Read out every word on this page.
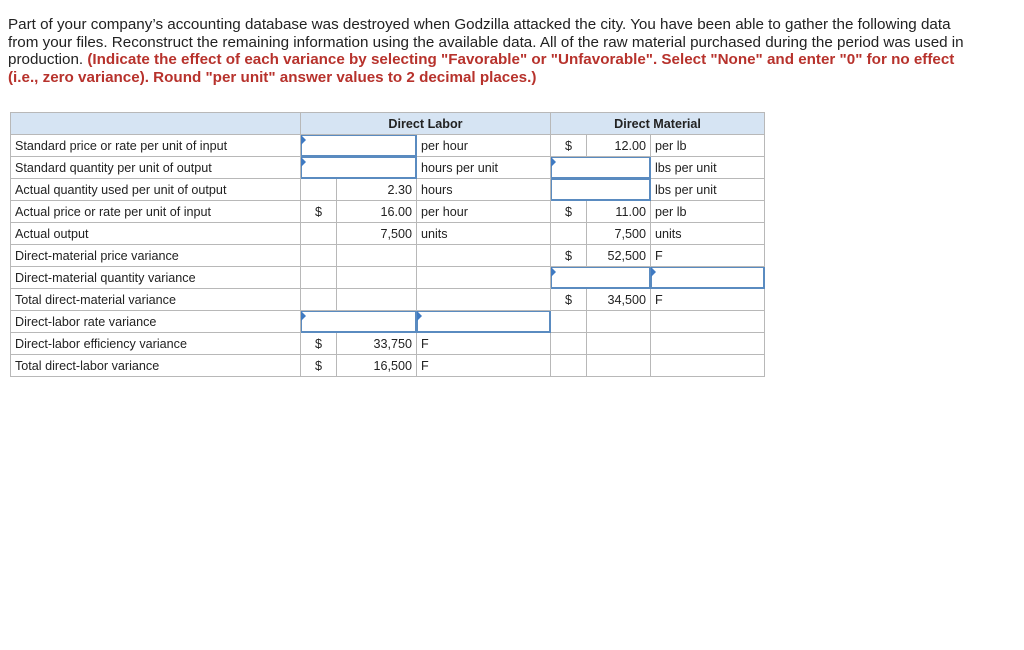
Part of your company’s accounting database was destroyed when Godzilla attacked the city. You have been able to gather the following data from your files. Reconstruct the remaining information using the available data. All of the raw material purchased during the period was used in production. (Indicate the effect of each variance by selecting "Favorable" or "Unfavorable". Select "None" and enter "0" for no effect (i.e., zero variance). Round "per unit" answer values to 2 decimal places.)
	Direct Labor			Direct Material		
Standard price or rate per unit of input			per hour	$	12.00	per lb
Standard quantity per unit of output			hours per unit			lbs per unit
Actual quantity used per unit of output		2.30	hours			lbs per unit
Actual price or rate per unit of input	$	16.00	per hour	$	11.00	per lb
Actual output		7,500	units		7,500	units
Direct-material price variance				$	52,500	F
Direct-material quantity variance					

Total direct-material variance				$	34,500	F
Direct-labor rate variance		

Direct-labor efficiency variance	$	33,750	F			
Total direct-labor variance	$	16,500	F			
